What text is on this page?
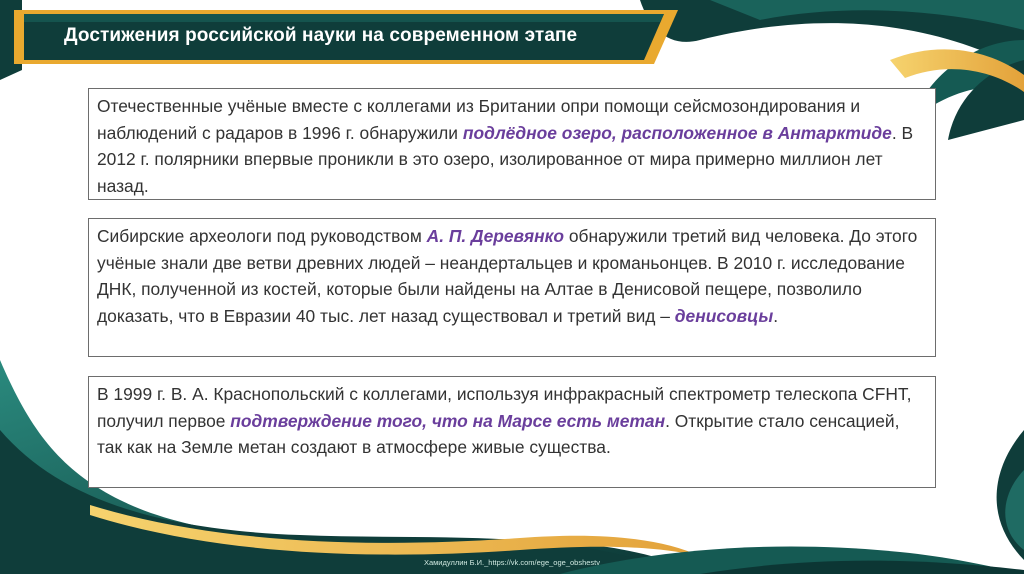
Достижения российской науки на современном этапе

Отечественные учёные вместе с коллегами из Британии опри помощи сейсмозондирования и наблюдений с радаров в 1996 г. обнаружили подлёдное озеро, расположенное в Антарктиде. В 2012 г. полярники впервые проникли в это озеро, изолированное от мира примерно миллион лет назад.

Сибирские археологи под руководством А. П. Деревянко обнаружили третий вид человека. До этого учёные знали две ветви древних людей – неандертальцев и кроманьонцев. В 2010 г. исследование ДНК, полученной из костей, которые были найдены на Алтае в Денисовой пещере, позволило доказать, что в Евразии 40 тыс. лет назад существовал и третий вид – денисовцы.

В 1999 г. В. А. Краснопольский с коллегами, используя инфракрасный спектрометр телескопа CFHT, получил первое подтверждение того, что на Марсе есть метан. Открытие стало сенсацией, так как на Земле метан создают в атмосфере живые существа.

Хамидуллин Б.И._https://vk.com/ege_oge_obshestv
